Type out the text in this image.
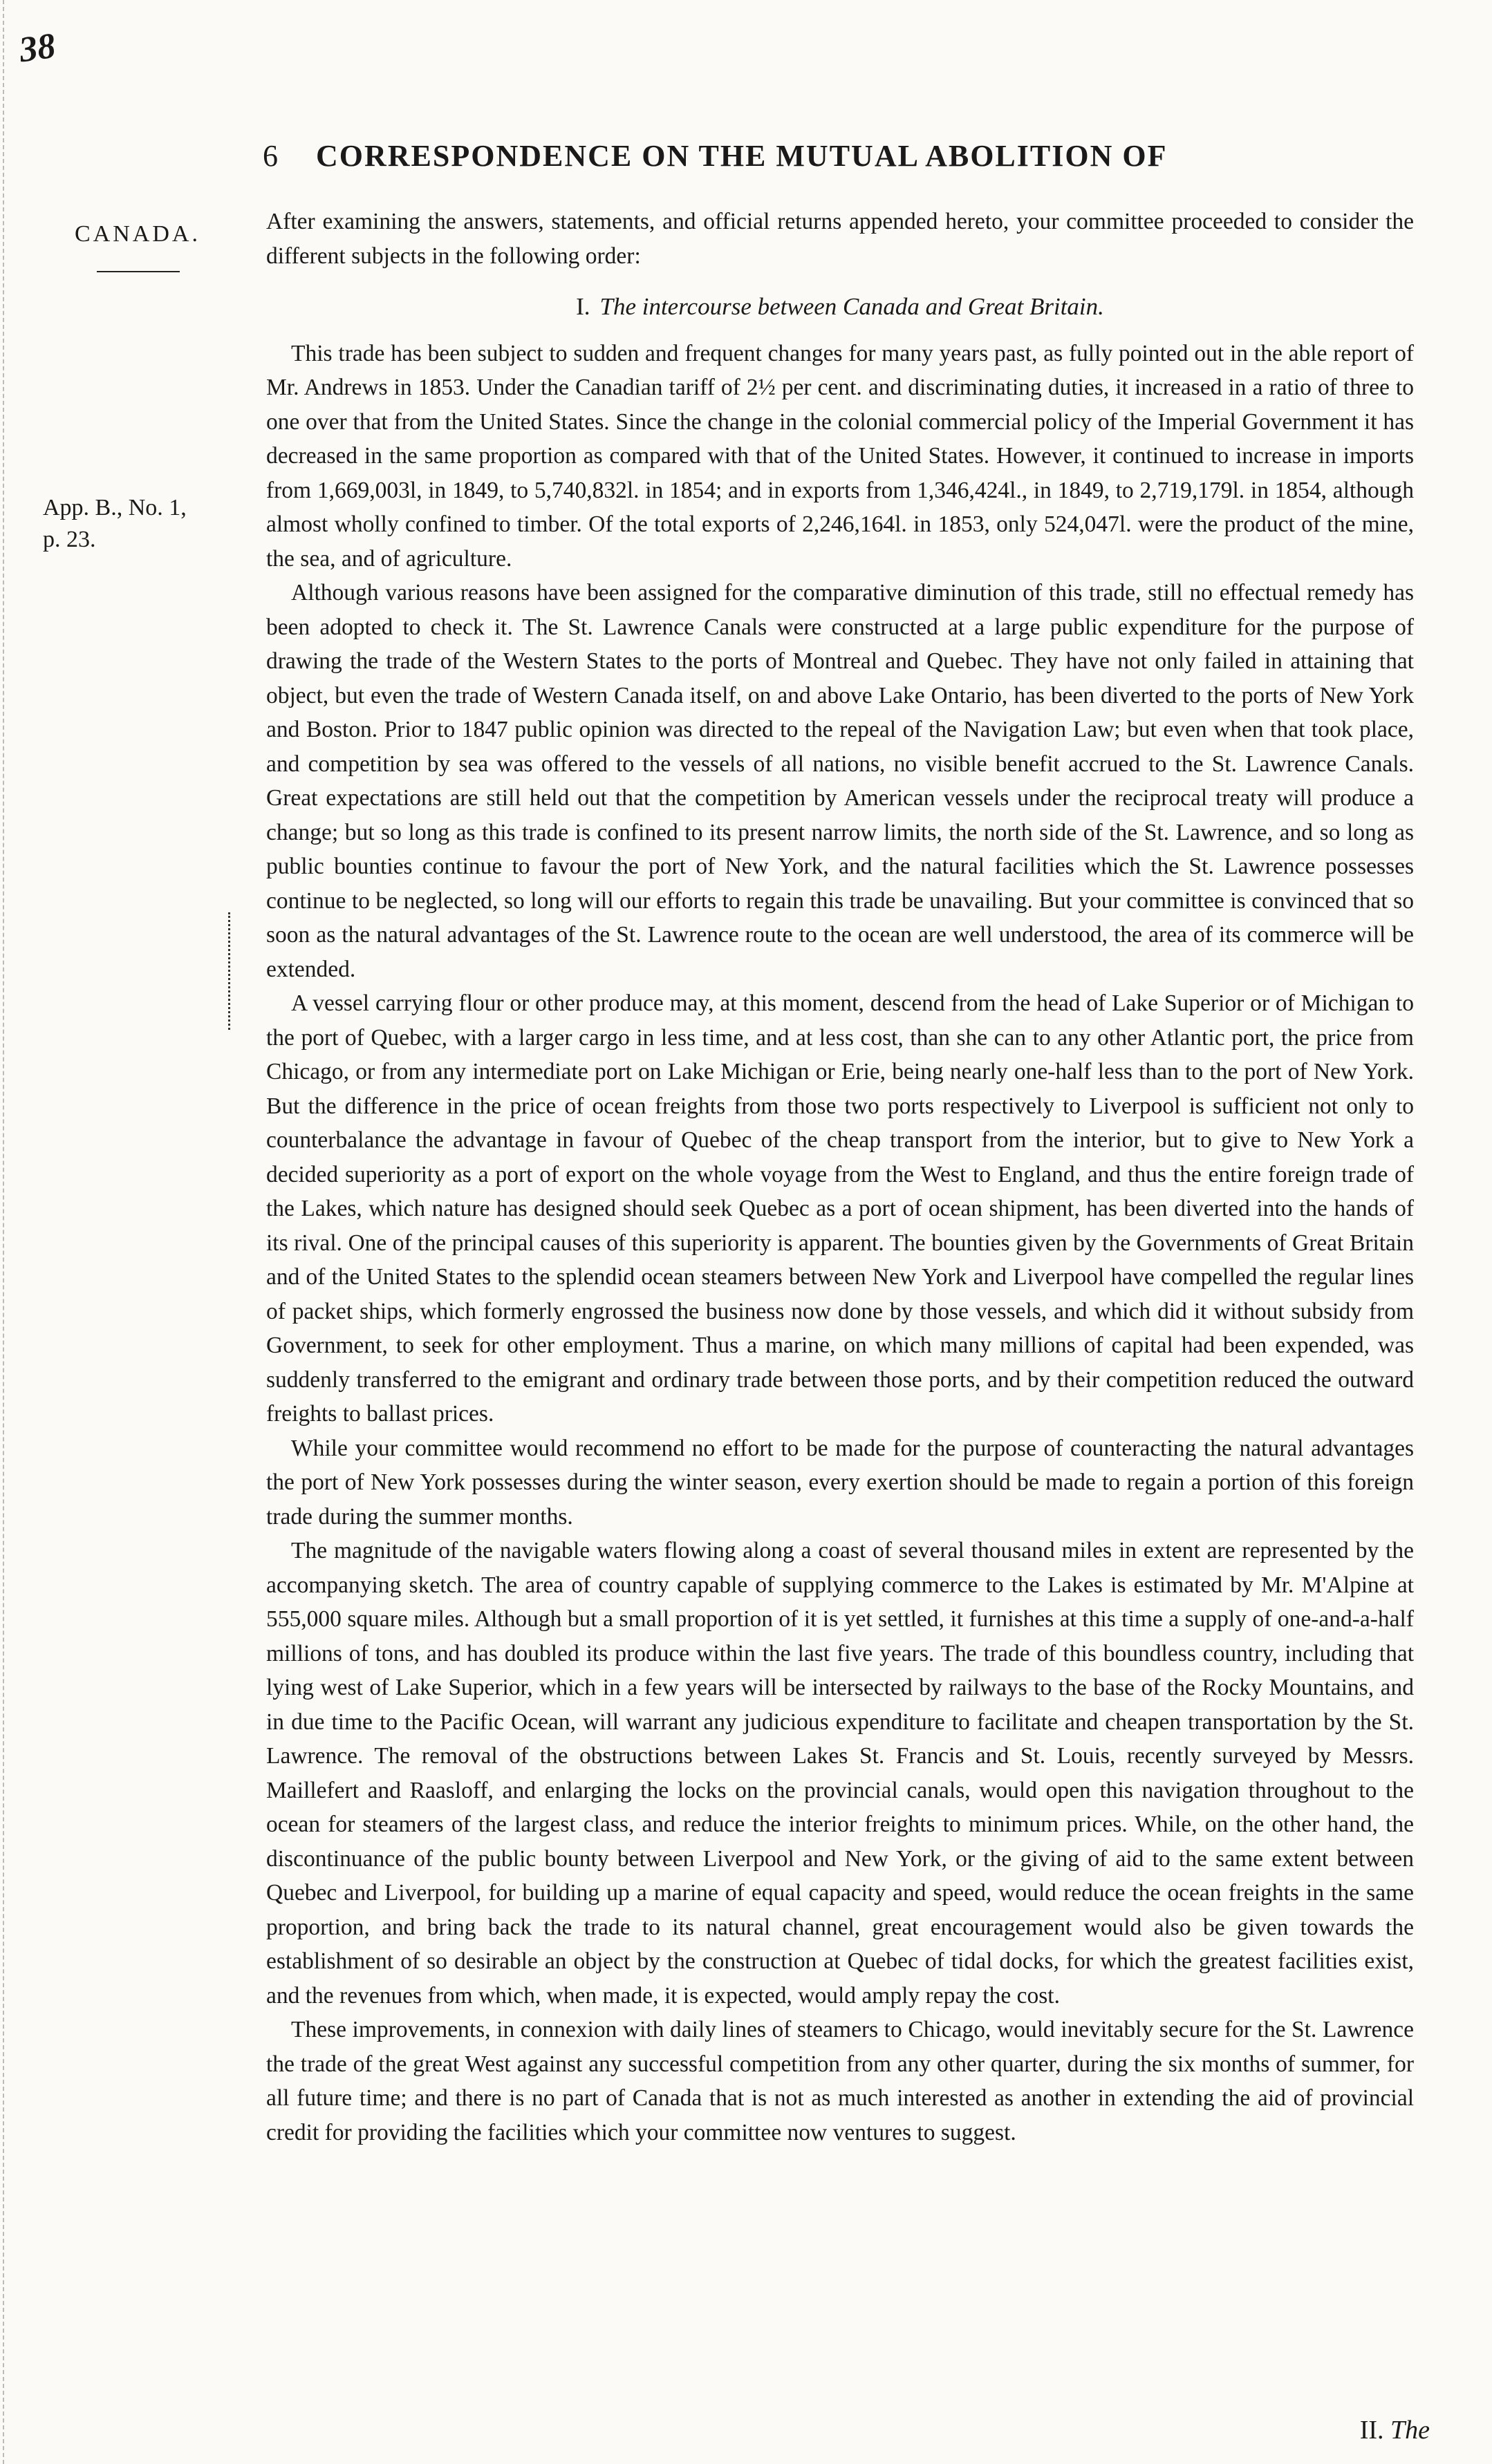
38
6 CORRESPONDENCE ON THE MUTUAL ABOLITION OF
CANADA.
App. B., No. 1,
p. 23.

After examining the answers, statements, and official returns appended hereto, your committee proceeded to consider the different subjects in the following order:

I. The intercourse between Canada and Great Britain.

This trade has been subject to sudden and frequent changes for many years past, as fully pointed out in the able report of Mr. Andrews in 1853. Under the Canadian tariff of 2½ per cent. and discriminating duties, it increased in a ratio of three to one over that from the United States. Since the change in the colonial commercial policy of the Imperial Government it has decreased in the same proportion as compared with that of the United States. However, it continued to increase in imports from 1,669,003l, in 1849, to 5,740,832l. in 1854; and in exports from 1,346,424l., in 1849, to 2,719,179l. in 1854, although almost wholly confined to timber. Of the total exports of 2,246,164l. in 1853, only 524,047l. were the product of the mine, the sea, and of agriculture.

Although various reasons have been assigned for the comparative diminution of this trade, still no effectual remedy has been adopted to check it. The St. Lawrence Canals were constructed at a large public expenditure for the purpose of drawing the trade of the Western States to the ports of Montreal and Quebec. They have not only failed in attaining that object, but even the trade of Western Canada itself, on and above Lake Ontario, has been diverted to the ports of New York and Boston. Prior to 1847 public opinion was directed to the repeal of the Navigation Law; but even when that took place, and competition by sea was offered to the vessels of all nations, no visible benefit accrued to the St. Lawrence Canals. Great expectations are still held out that the competition by American vessels under the reciprocal treaty will produce a change; but so long as this trade is confined to its present narrow limits, the north side of the St. Lawrence, and so long as public bounties continue to favour the port of New York, and the natural facilities which the St. Lawrence possesses continue to be neglected, so long will our efforts to regain this trade be unavailing. But your committee is convinced that so soon as the natural advantages of the St. Lawrence route to the ocean are well understood, the area of its commerce will be extended.

A vessel carrying flour or other produce may, at this moment, descend from the head of Lake Superior or of Michigan to the port of Quebec, with a larger cargo in less time, and at less cost, than she can to any other Atlantic port, the price from Chicago, or from any intermediate port on Lake Michigan or Erie, being nearly one-half less than to the port of New York. But the difference in the price of ocean freights from those two ports respectively to Liverpool is sufficient not only to counterbalance the advantage in favour of Quebec of the cheap transport from the interior, but to give to New York a decided superiority as a port of export on the whole voyage from the West to England, and thus the entire foreign trade of the Lakes, which nature has designed should seek Quebec as a port of ocean shipment, has been diverted into the hands of its rival. One of the principal causes of this superiority is apparent. The bounties given by the Governments of Great Britain and of the United States to the splendid ocean steamers between New York and Liverpool have compelled the regular lines of packet ships, which formerly engrossed the business now done by those vessels, and which did it without subsidy from Government, to seek for other employment. Thus a marine, on which many millions of capital had been expended, was suddenly transferred to the emigrant and ordinary trade between those ports, and by their competition reduced the outward freights to ballast prices.

While your committee would recommend no effort to be made for the purpose of counteracting the natural advantages the port of New York possesses during the winter season, every exertion should be made to regain a portion of this foreign trade during the summer months.

The magnitude of the navigable waters flowing along a coast of several thousand miles in extent are represented by the accompanying sketch. The area of country capable of supplying commerce to the Lakes is estimated by Mr. M'Alpine at 555,000 square miles. Although but a small proportion of it is yet settled, it furnishes at this time a supply of one-and-a-half millions of tons, and has doubled its produce within the last five years. The trade of this boundless country, including that lying west of Lake Superior, which in a few years will be intersected by railways to the base of the Rocky Mountains, and in due time to the Pacific Ocean, will warrant any judicious expenditure to facilitate and cheapen transportation by the St. Lawrence. The removal of the obstructions between Lakes St. Francis and St. Louis, recently surveyed by Messrs. Maillefert and Raasloff, and enlarging the locks on the provincial canals, would open this navigation throughout to the ocean for steamers of the largest class, and reduce the interior freights to minimum prices. While, on the other hand, the discontinuance of the public bounty between Liverpool and New York, or the giving of aid to the same extent between Quebec and Liverpool, for building up a marine of equal capacity and speed, would reduce the ocean freights in the same proportion, and bring back the trade to its natural channel, great encouragement would also be given towards the establishment of so desirable an object by the construction at Quebec of tidal docks, for which the greatest facilities exist, and the revenues from which, when made, it is expected, would amply repay the cost.

These improvements, in connexion with daily lines of steamers to Chicago, would inevitably secure for the St. Lawrence the trade of the great West against any successful competition from any other quarter, during the six months of summer, for all future time; and there is no part of Canada that is not as much interested as another in extending the aid of provincial credit for providing the facilities which your committee now ventures to suggest.

II. The
